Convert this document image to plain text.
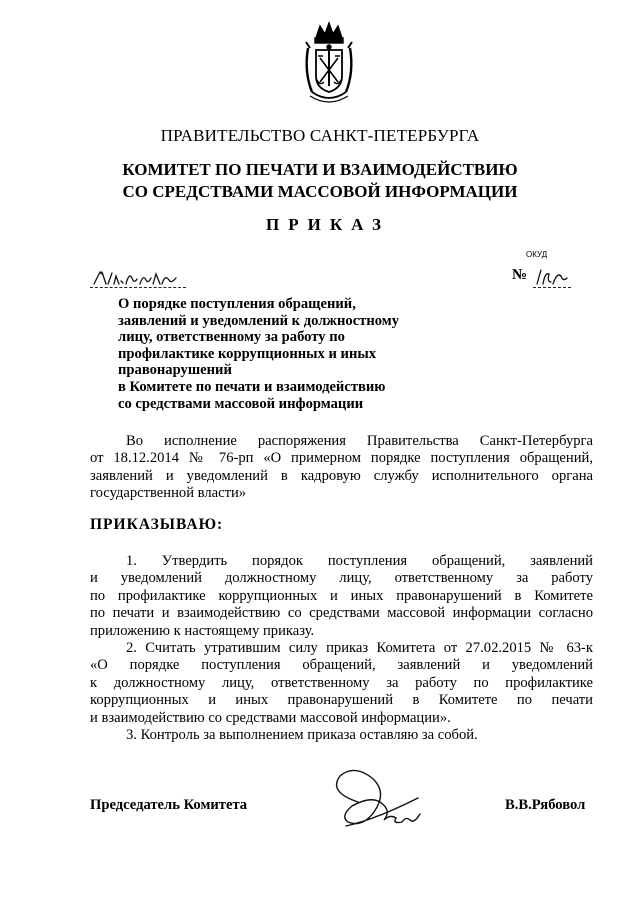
ПРАВИТЕЛЬСТВО САНКТ-ПЕТЕРБУРГА
КОМИТЕТ ПО ПЕЧАТИ И ВЗАИМОДЕЙСТВИЮ
СО СРЕДСТВАМИ МАССОВОЙ ИНФОРМАЦИИ
ПРИКАЗ
ОКУД
№
О порядке поступления обращений,
заявлений и уведомлений к должностному
лицу, ответственному за работу по
профилактике коррупционных и иных
правонарушений
в Комитете по печати и взаимодействию
со средствами массовой информации
Во исполнение распоряжения Правительства Санкт-Петербурга
от 18.12.2014 № 76-рп «О примерном порядке поступления обращений,
заявлений и уведомлений в кадровую службу исполнительного органа
государственной власти»
ПРИКАЗЫВАЮ:
1. Утвердить порядок поступления обращений, заявлений
и уведомлений должностному лицу, ответственному за работу
по профилактике коррупционных и иных правонарушений в Комитете
по печати и взаимодействию со средствами массовой информации согласно
приложению к настоящему приказу.
2. Считать утратившим силу приказ Комитета от 27.02.2015 № 63-к
«О порядке поступления обращений, заявлений и уведомлений
к должностному лицу, ответственному за работу по профилактике
коррупционных и иных правонарушений в Комитете по печати
и взаимодействию со средствами массовой информации».
3. Контроль за выполнением приказа оставляю за собой.
Председатель Комитета	В.В.Рябовол
